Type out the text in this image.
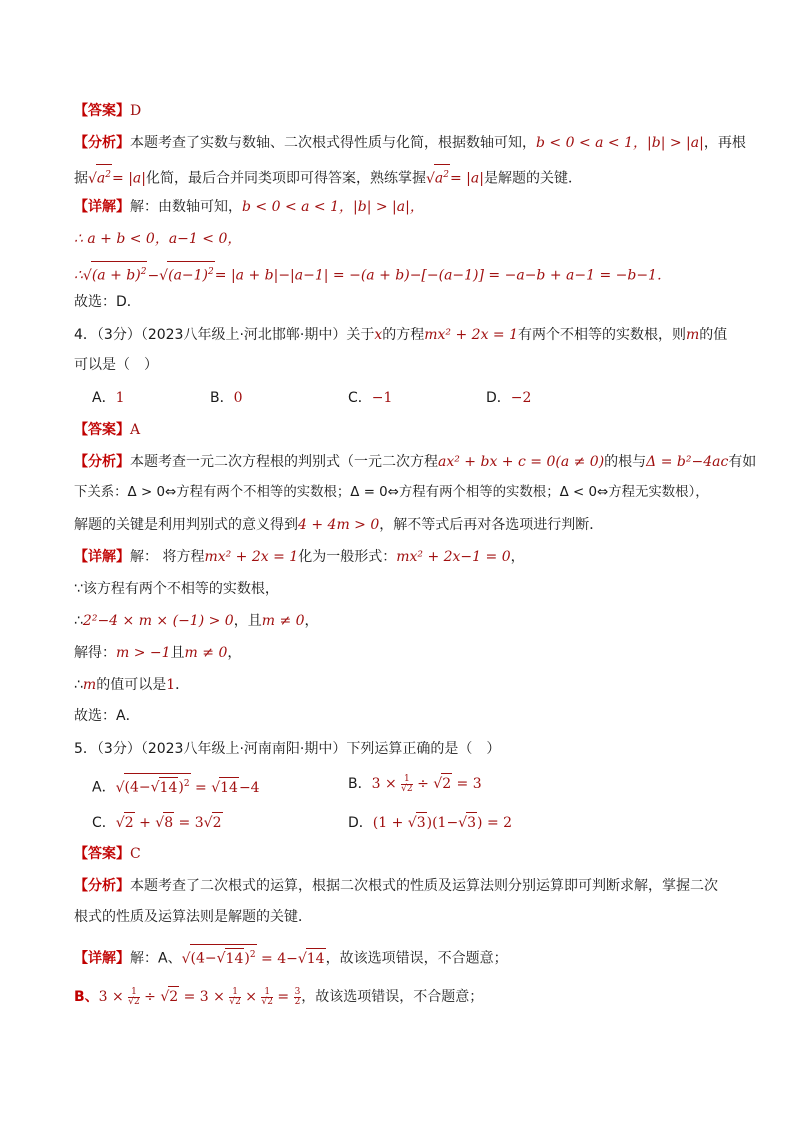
【答案】D
【分析】本题考查了实数与数轴、二次根式得性质与化简，根据数轴可知，b < 0 < a < 1，|b| > |a|，再根
据$√a^2= |a|$化简，最后合并同类项即可得答案，熟练掌握$√a^2= |a|$是解题的关键．
【详解】解：由数轴可知，b < 0 < a < 1，|b| > |a|，
∴ a + b < 0，a−1 < 0，
∴√(a + $b)^2-√(a-1)^2= |a + b|-|a-1| = -(a + b)-[-(a-1)] = -a-b + a-1 = -b-1$．
故选：D．
4．（3分）（2023八年级上·河北邯郸·期中）关于x的方程mx² + 2x = 1有两个不相等的实数根，则m的值
可以是（　）
A．1	B．0	C．−1	D．−2
【答案】A
【分析】本题考查一元二次方程根的判别式（一元二次方程ax² + bx + c = 0(a ≠ 0)的根与Δ = b²−4ac有如
下关系：Δ > 0⇔方程有两个不相等的实数根；Δ = 0⇔方程有两个相等的实数根；Δ < 0⇔方程无实数根），
解题的关键是利用判别式的意义得到4 + 4m > 0，解不等式后再对各选项进行判断．
【详解】解： 将方程mx² + 2x = 1化为一般形式：mx² + 2x−1 = 0，
∵该方程有两个不相等的实数根，
∴2²−4 × m × (−1) > 0，且m ≠ 0，
解得：m > −1且m ≠ 0，
∴m的值可以是1．
故选：A．
5．（3分）（2023八年级上·河南南阳·期中）下列运算正确的是（　）
A．$√(4-√14)^2 = √14-4$	B．$3 \times \frac{1}{√2} \div √2 = 3$
C．√2 + √8 = 3√2	D．(1 + √3)(1−√3) = 2
【答案】C
【分析】本题考查了二次根式的运算，根据二次根式的性质及运算法则分别运算即可判断求解，掌握二次
根式的性质及运算法则是解题的关键．
【详解】解：A、$√(4-√14)^2 = 4-√14$，故该选项错误，不合题意；
B、$3 \times \frac{1}{√2} \div √2 = 3 \times \frac{1}{√2} \times \frac{1}{√2} = \frac{3}{2}$ ，故该选项错误，不合题意；
